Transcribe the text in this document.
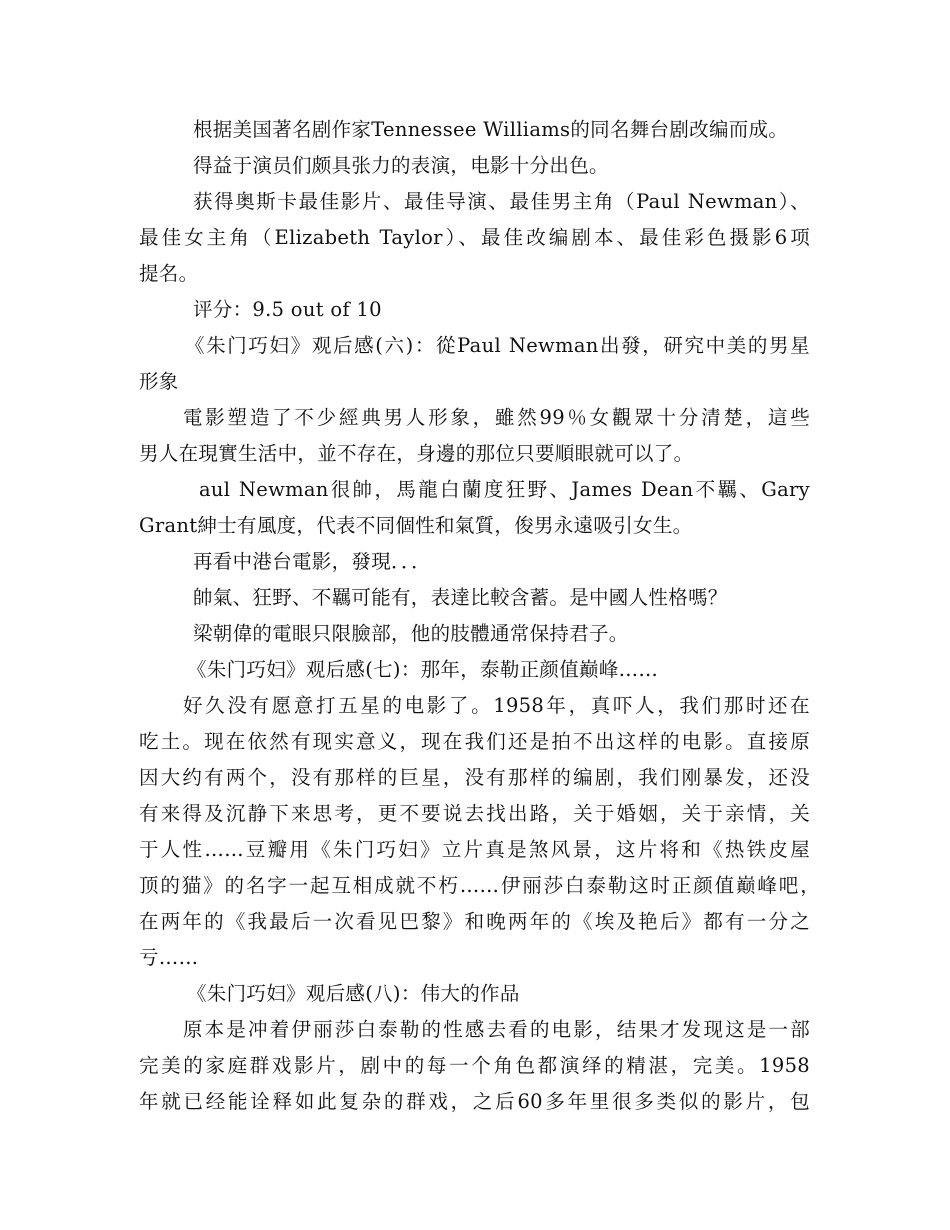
根据美国著名剧作家Tennessee Williams的同名舞台剧改编而成。
得益于演员们颇具张力的表演，电影十分出色。
获得奥斯卡最佳影片、最佳导演、最佳男主角（Paul Newman）、
最佳女主角（Elizabeth Taylor）、最佳改编剧本、最佳彩色摄影6项
提名。
评分：9.5 out of 10
《朱门巧妇》观后感(六)：從Paul Newman出發，研究中美的男星
形象
電影塑造了不少經典男人形象，雖然99％女觀眾十分清楚，這些
男人在現實生活中，並不存在，身邊的那位只要順眼就可以了。
aul Newman很帥，馬龍白蘭度狂野、James Dean不羈、Gary
Grant紳士有風度，代表不同個性和氣質，俊男永遠吸引女生。
再看中港台電影，發現．．．
帥氣、狂野、不羈可能有，表達比較含蓄。是中國人性格嗎？
梁朝偉的電眼只限臉部，他的肢體通常保持君子。
《朱门巧妇》观后感(七)：那年，泰勒正颜值巅峰……
好久没有愿意打五星的电影了。1958年，真吓人，我们那时还在
吃土。现在依然有现实意义，现在我们还是拍不出这样的电影。直接原
因大约有两个，没有那样的巨星，没有那样的编剧，我们刚暴发，还没
有来得及沉静下来思考，更不要说去找出路，关于婚姻，关于亲情，关
于人性……豆瓣用《朱门巧妇》立片真是煞风景，这片将和《热铁皮屋
顶的猫》的名字一起互相成就不朽……伊丽莎白泰勒这时正颜值巅峰吧，
在两年的《我最后一次看见巴黎》和晚两年的《埃及艳后》都有一分之
亏……
《朱门巧妇》观后感(八)：伟大的作品
原本是冲着伊丽莎白泰勒的性感去看的电影，结果才发现这是一部
完美的家庭群戏影片，剧中的每一个角色都演绎的精湛，完美。1958
年就已经能诠释如此复杂的群戏，之后60多年里很多类似的影片，包
